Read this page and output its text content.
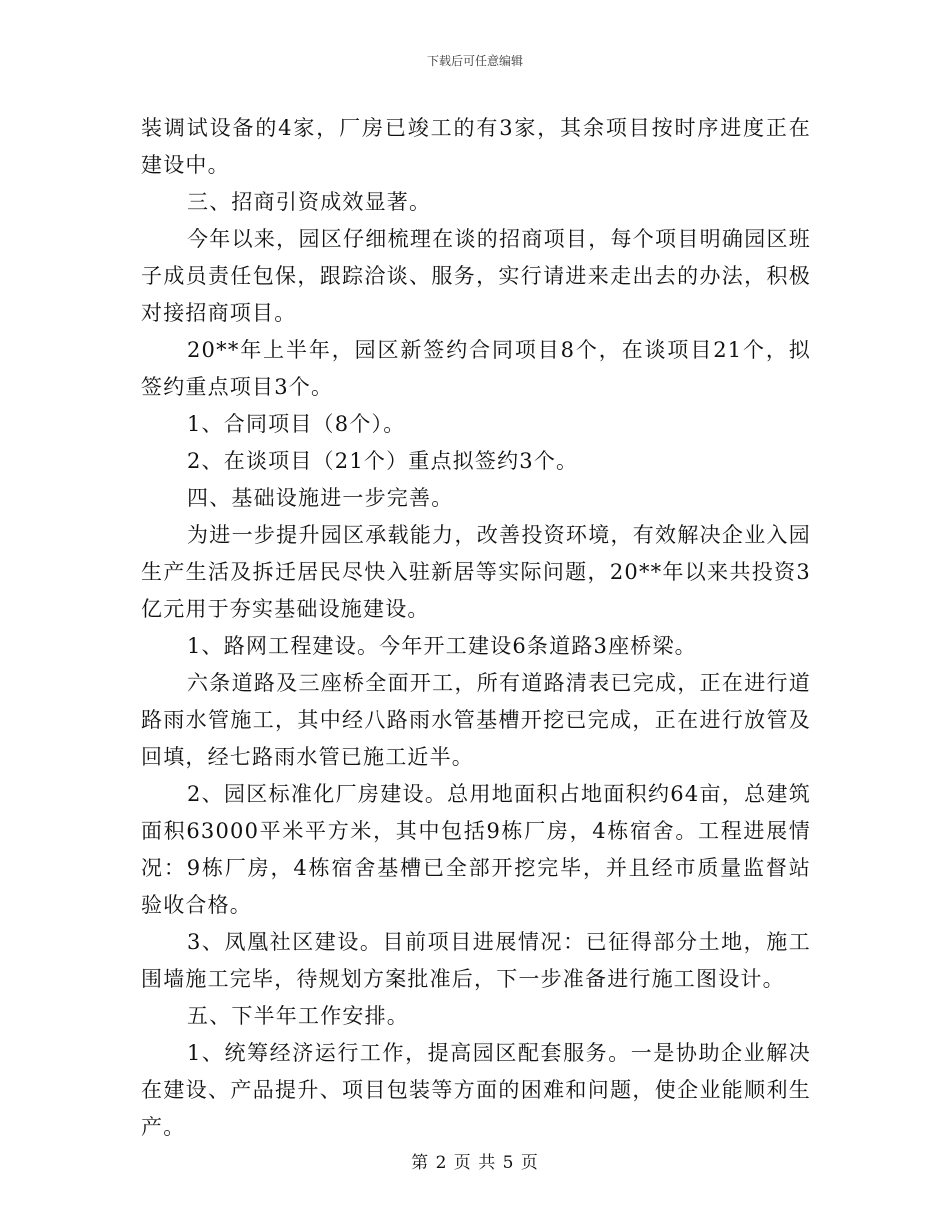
下载后可任意编辑

装调试设备的4家，厂房已竣工的有3家，其余项目按时序进度正在建设中。

三、招商引资成效显著。

今年以来，园区仔细梳理在谈的招商项目，每个项目明确园区班子成员责任包保，跟踪洽谈、服务，实行请进来走出去的办法，积极对接招商项目。

20**年上半年，园区新签约合同项目8个，在谈项目21个，拟签约重点项目3个。

1、合同项目（8个）。

2、在谈项目（21个）重点拟签约3个。

四、基础设施进一步完善。

为进一步提升园区承载能力，改善投资环境，有效解决企业入园生产生活及拆迁居民尽快入驻新居等实际问题，20**年以来共投资3亿元用于夯实基础设施建设。

1、路网工程建设。今年开工建设6条道路3座桥梁。

六条道路及三座桥全面开工，所有道路清表已完成，正在进行道路雨水管施工，其中经八路雨水管基槽开挖已完成，正在进行放管及回填，经七路雨水管已施工近半。

2、园区标准化厂房建设。总用地面积占地面积约64亩，总建筑面积63000平米平方米，其中包括9栋厂房，4栋宿舍。工程进展情况：9栋厂房，4栋宿舍基槽已全部开挖完毕，并且经市质量监督站验收合格。

3、凤凰社区建设。目前项目进展情况：已征得部分土地，施工围墙施工完毕，待规划方案批准后，下一步准备进行施工图设计。

五、下半年工作安排。

1、统筹经济运行工作，提高园区配套服务。一是协助企业解决在建设、产品提升、项目包装等方面的困难和问题，使企业能顺利生产。

第 2 页 共 5 页
